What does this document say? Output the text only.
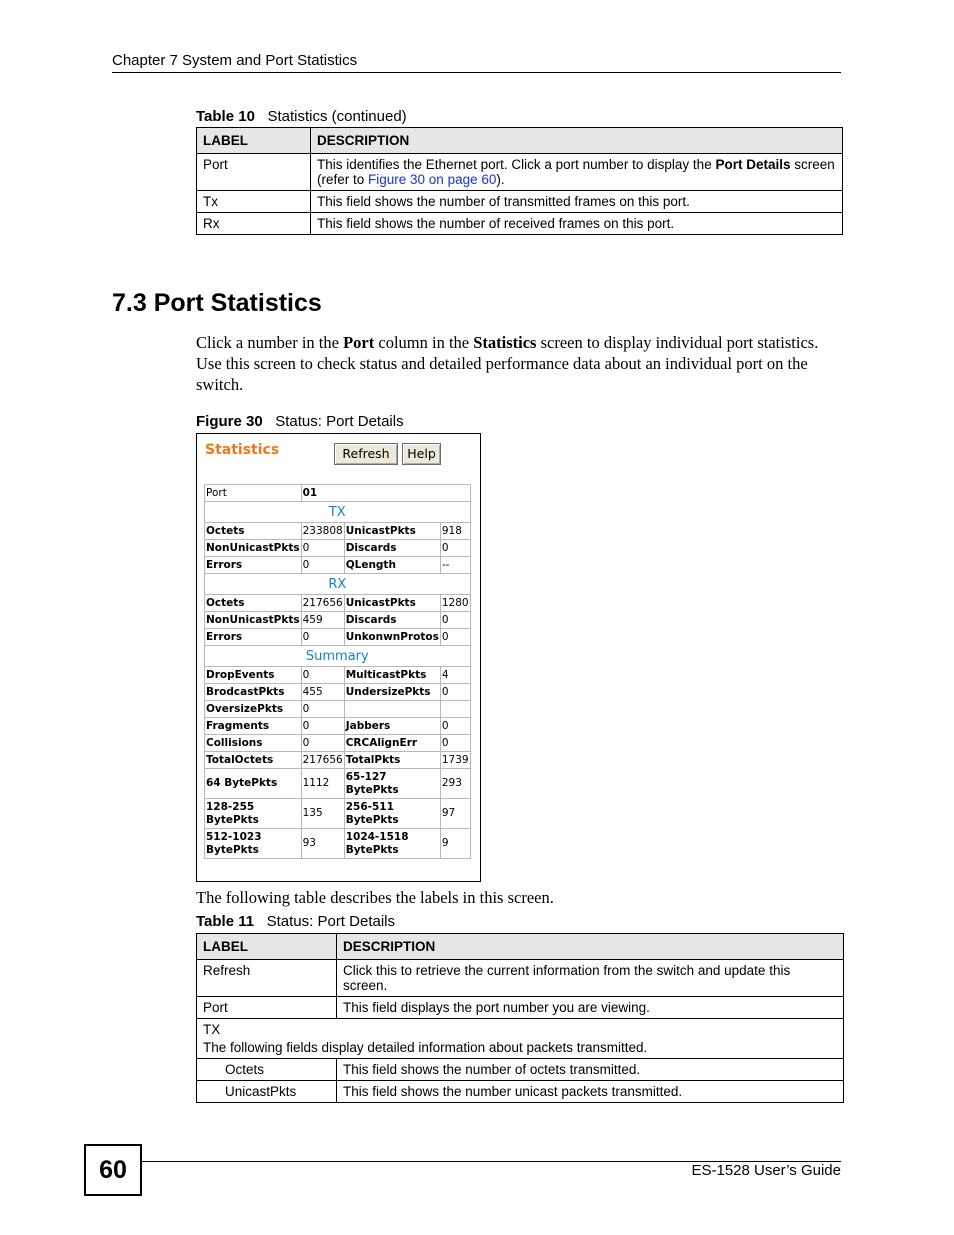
Chapter 7 System and Port Statistics
Table 10 Statistics (continued)
LABEL	DESCRIPTION
Port	This identifies the Ethernet port. Click a port number to display the Port Details screen (refer to Figure 30 on page 60).
Tx	This field shows the number of transmitted frames on this port.
Rx	This field shows the number of received frames on this port.
7.3 Port Statistics
Click a number in the Port column in the Statistics screen to display individual port statistics. Use this screen to check status and detailed performance data about an individual port on the switch.
Figure 30 Status: Port Details
Statistics	Refresh	Help
Port	01		
TX			
Octets	233808	UnicastPkts	918
NonUnicastPkts	0	Discards	0
Errors	0	QLength	--
RX			
Octets	217656	UnicastPkts	1280
NonUnicastPkts	459	Discards	0
Errors	0	UnkonwnProtos	0
Summary			
DropEvents	0	MulticastPkts	4
BrodcastPkts	455	UndersizePkts	0
OversizePkts	0		
Fragments	0	Jabbers	0
Collisions	0	CRCAlignErr	0
TotalOctets	217656	TotalPkts	1739
64 BytePkts	1112	65-127 BytePkts	293
128-255 BytePkts	135	256-511 BytePkts	97
512-1023 BytePkts	93	1024-1518 BytePkts	9
The following table describes the labels in this screen.
Table 11 Status: Port Details
LABEL	DESCRIPTION
Refresh	Click this to retrieve the current information from the switch and update this screen.
Port	This field displays the port number you are viewing.

TX
The following fields display detailed information about packets transmitted.	

Octets	This field shows the number of octets transmitted.
UnicastPkts	This field shows the number unicast packets transmitted.
60	ES-1528 User’s Guide
